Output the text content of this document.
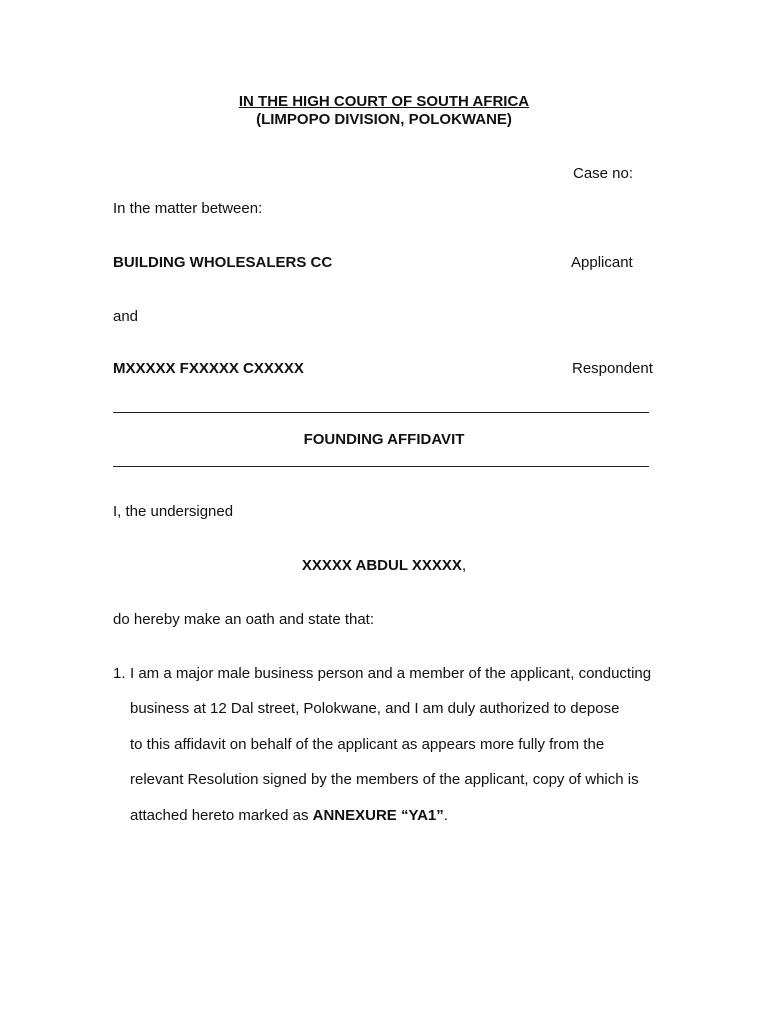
IN THE HIGH COURT OF SOUTH AFRICA
(LIMPOPO DIVISION, POLOKWANE)
Case no:
In the matter between:
BUILDING WHOLESALERS CC	Applicant
and
MXXXXX FXXXXX CXXXXX	Respondent
FOUNDING AFFIDAVIT
I, the undersigned
XXXXX ABDUL XXXXX,
do hereby make an oath and state that:
1. I am a major male business person and a member of the applicant, conducting
business at 12 Dal street, Polokwane, and I am duly authorized to depose
to this affidavit on behalf of the applicant as appears more fully from the
relevant Resolution signed by the members of the applicant, copy of which is
attached hereto marked as ANNEXURE “YA1”.
